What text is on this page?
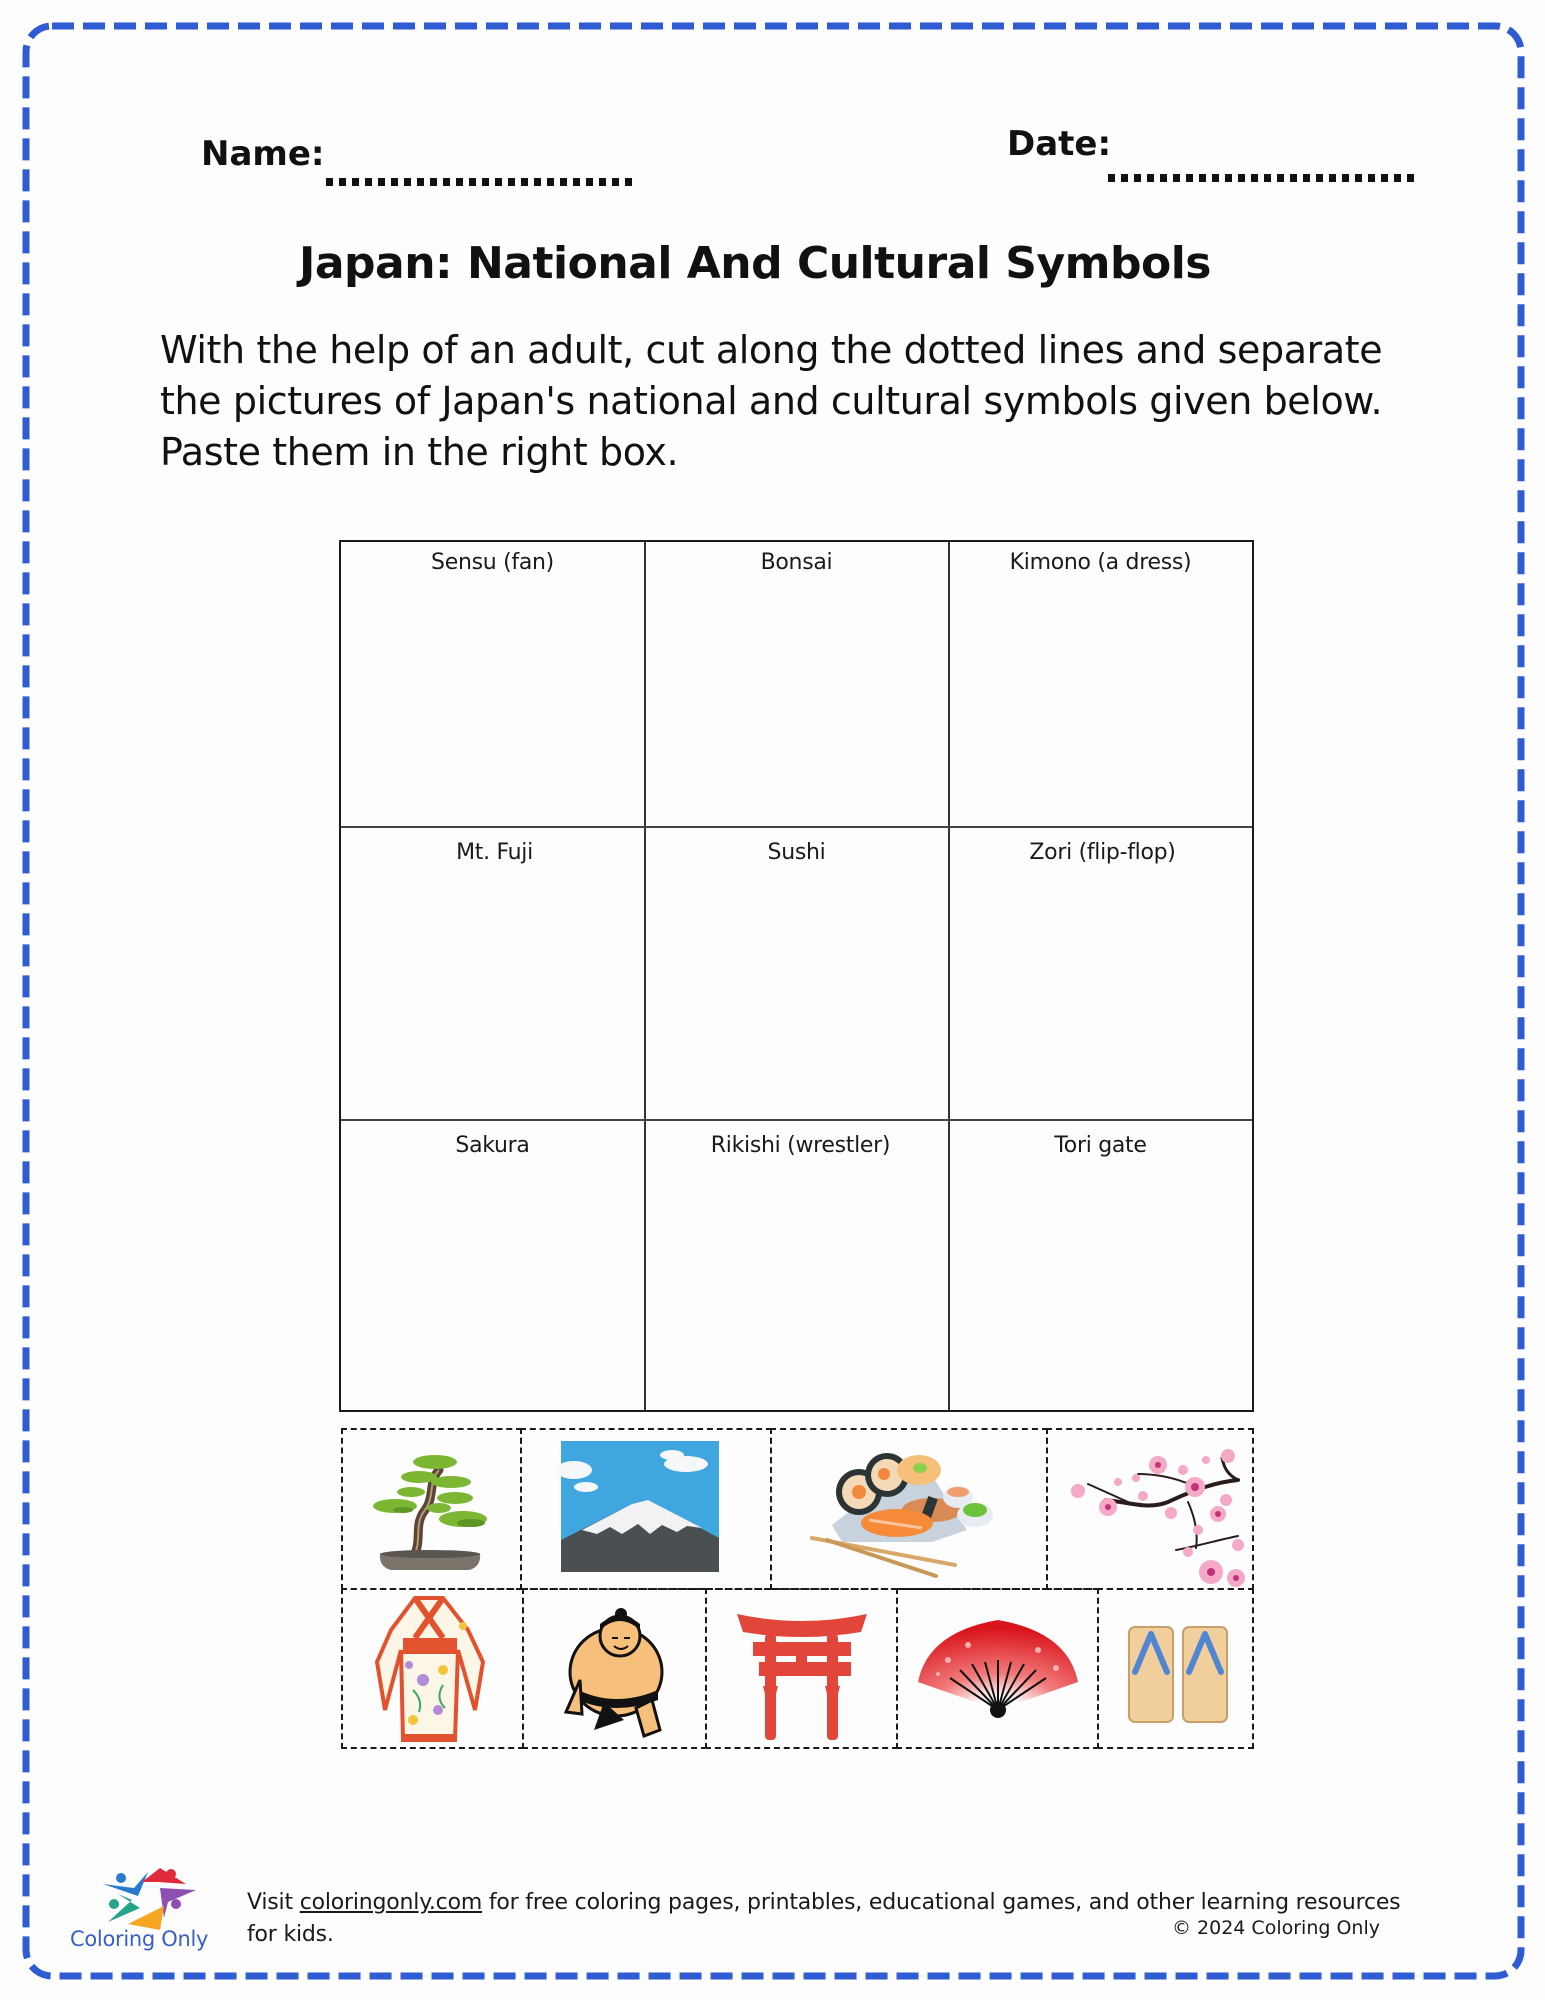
Name:	Date:
Japan: National And Cultural Symbols
With the help of an adult, cut along the dotted lines and separate the pictures of Japan's national and cultural symbols given below. Paste them in the right box.
Sensu (fan)	Bonsai	Kimono (a dress)
Mt. Fuji	Sushi	Zori (flip-flop)
Sakura	Rikishi (wrestler)	Tori gate
Coloring Only
Visit coloringonly.com for free coloring pages, printables, educational games, and other learning resources for kids.	© 2024 Coloring Only
